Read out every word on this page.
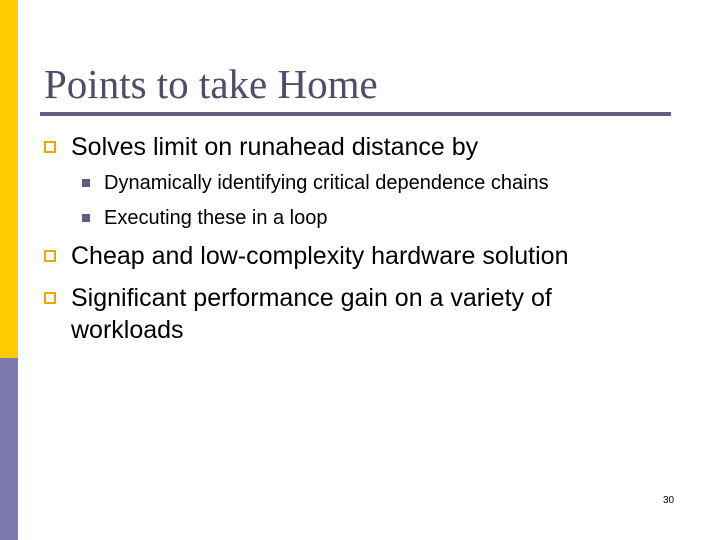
Points to take Home
Solves limit on runahead distance by
Dynamically identifying critical dependence chains
Executing these in a loop
Cheap and low-complexity hardware solution
Significant performance gain on a variety of workloads
30
